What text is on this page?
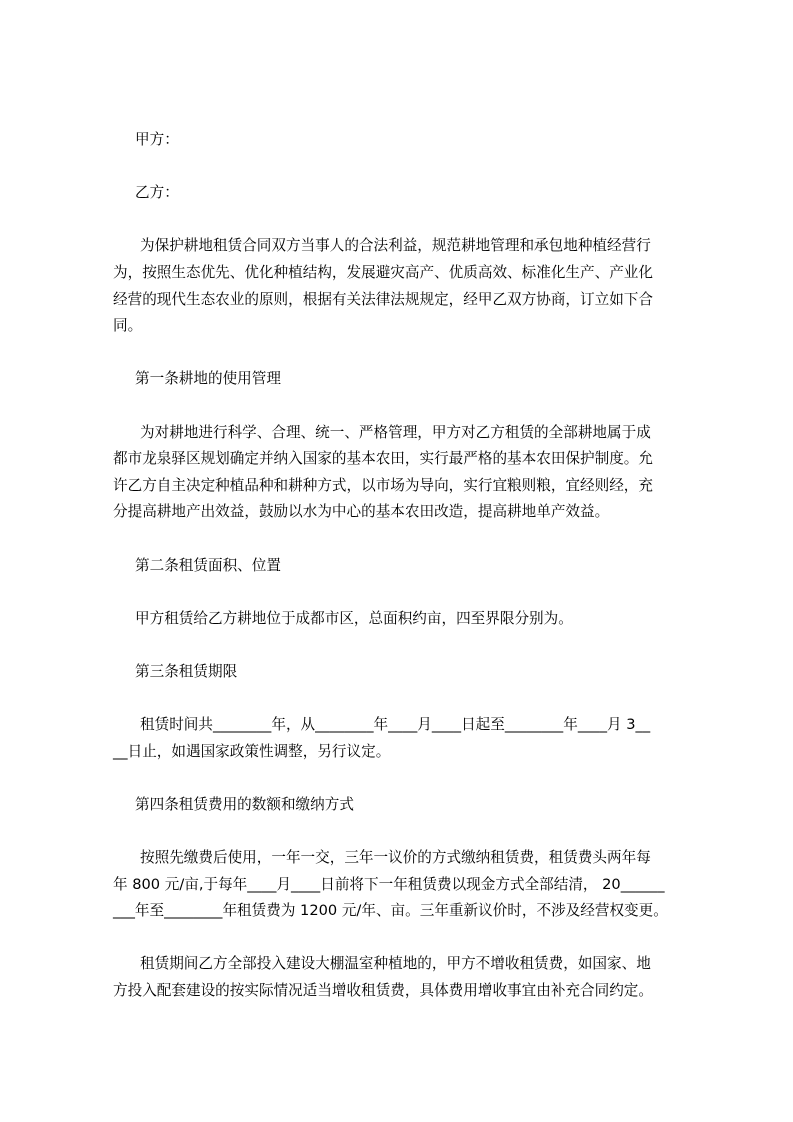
甲方：
乙方：
为保护耕地租赁合同双方当事人的合法利益，规范耕地管理和承包地种植经营行
为，按照生态优先、优化种植结构，发展避灾高产、优质高效、标准化生产、产业化
经营的现代生态农业的原则，根据有关法律法规规定，经甲乙双方协商，订立如下合
同。
第一条耕地的使用管理
为对耕地进行科学、合理、统一、严格管理，甲方对乙方租赁的全部耕地属于成
都市龙泉驿区规划确定并纳入国家的基本农田，实行最严格的基本农田保护制度。允
许乙方自主决定种植品种和耕种方式，以市场为导向，实行宜粮则粮，宜经则经，充
分提高耕地产出效益，鼓励以水为中心的基本农田改造，提高耕地单产效益。
第二条租赁面积、位置
甲方租赁给乙方耕地位于成都市区，总面积约亩，四至界限分别为。
第三条租赁期限
租赁时间共________年，从________年____月____日起至________年____月 3__
__日止，如遇国家政策性调整，另行议定。
第四条租赁费用的数额和缴纳方式
按照先缴费后使用，一年一交，三年一议价的方式缴纳租赁费，租赁费头两年每
年 800 元/亩,于每年____月____日前将下一年租赁费以现金方式全部结清， 20______
___年至________年租赁费为 1200 元/年、亩。三年重新议价时，不涉及经营权变更。
租赁期间乙方全部投入建设大棚温室种植地的，甲方不增收租赁费，如国家、地
方投入配套建设的按实际情况适当增收租赁费，具体费用增收事宜由补充合同约定。
